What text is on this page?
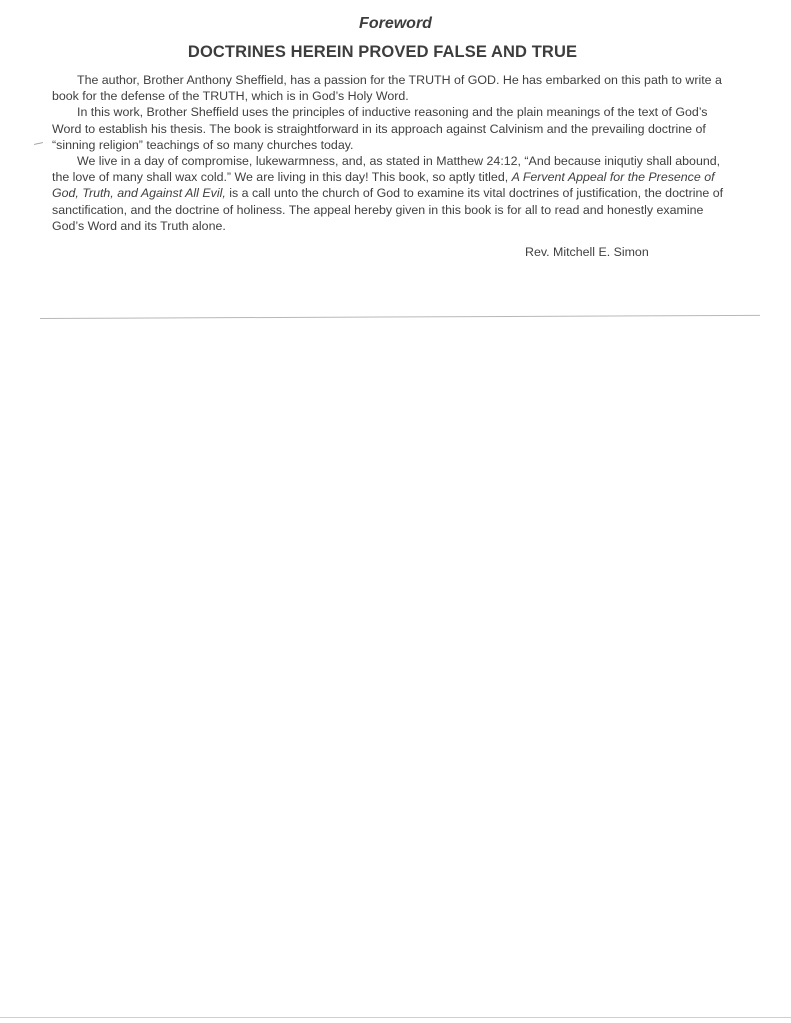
Foreword
DOCTRINES HEREIN PROVED FALSE AND TRUE

The author, Brother Anthony Sheffield, has a passion for the TRUTH of GOD. He has embarked on this path to write a book for the defense of the TRUTH, which is in God’s Holy Word.

In this work, Brother Sheffield uses the principles of inductive reasoning and the plain meanings of the text of God’s Word to establish his thesis. The book is straightforward in its approach against Calvinism and the prevailing doctrine of “sinning religion” teachings of so many churches today.

We live in a day of compromise, lukewarmness, and, as stated in Matthew 24:12, “And because iniqutiy shall abound, the love of many shall wax cold.” We are living in this day! This book, so aptly titled, A Fervent Appeal for the Presence of God, Truth, and Against All Evil, is a call unto the church of God to examine its vital doctrines of justification, the doctrine of sanctification, and the doctrine of holiness. The appeal hereby given in this book is for all to read and honestly examine God’s Word and its Truth alone.

Rev. Mitchell E. Simon
